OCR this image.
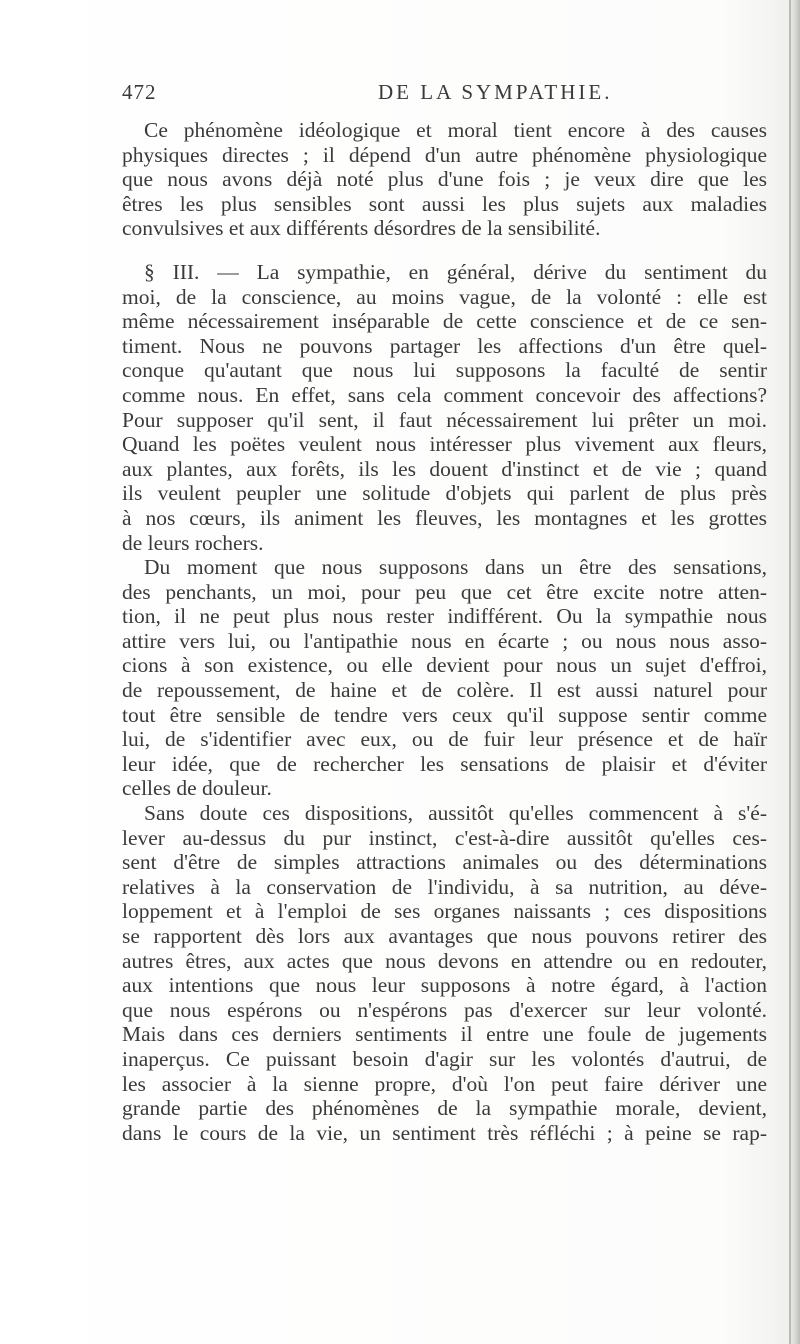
472	DE LA SYMPATHIE.
Ce phénomène idéologique et moral tient encore à des causes
physiques directes ; il dépend d'un autre phénomène physiologique
que nous avons déjà noté plus d'une fois ; je veux dire que les
êtres les plus sensibles sont aussi les plus sujets aux maladies
convulsives et aux différents désordres de la sensibilité.
§ III. — La sympathie, en général, dérive du sentiment du
moi, de la conscience, au moins vague, de la volonté : elle est
même nécessairement inséparable de cette conscience et de ce sen-
timent. Nous ne pouvons partager les affections d'un être quel-
conque qu'autant que nous lui supposons la faculté de sentir
comme nous. En effet, sans cela comment concevoir des affections?
Pour supposer qu'il sent, il faut nécessairement lui prêter un moi.
Quand les poëtes veulent nous intéresser plus vivement aux fleurs,
aux plantes, aux forêts, ils les douent d'instinct et de vie ; quand
ils veulent peupler une solitude d'objets qui parlent de plus près
à nos cœurs, ils animent les fleuves, les montagnes et les grottes
de leurs rochers.
Du moment que nous supposons dans un être des sensations,
des penchants, un moi, pour peu que cet être excite notre atten-
tion, il ne peut plus nous rester indifférent. Ou la sympathie nous
attire vers lui, ou l'antipathie nous en écarte ; ou nous nous asso-
cions à son existence, ou elle devient pour nous un sujet d'effroi,
de repoussement, de haine et de colère. Il est aussi naturel pour
tout être sensible de tendre vers ceux qu'il suppose sentir comme
lui, de s'identifier avec eux, ou de fuir leur présence et de haïr
leur idée, que de rechercher les sensations de plaisir et d'éviter
celles de douleur.
Sans doute ces dispositions, aussitôt qu'elles commencent à s'é-
lever au-dessus du pur instinct, c'est-à-dire aussitôt qu'elles ces-
sent d'être de simples attractions animales ou des déterminations
relatives à la conservation de l'individu, à sa nutrition, au déve-
loppement et à l'emploi de ses organes naissants ; ces dispositions
se rapportent dès lors aux avantages que nous pouvons retirer des
autres êtres, aux actes que nous devons en attendre ou en redouter,
aux intentions que nous leur supposons à notre égard, à l'action
que nous espérons ou n'espérons pas d'exercer sur leur volonté.
Mais dans ces derniers sentiments il entre une foule de jugements
inaperçus. Ce puissant besoin d'agir sur les volontés d'autrui, de
les associer à la sienne propre, d'où l'on peut faire dériver une
grande partie des phénomènes de la sympathie morale, devient,
dans le cours de la vie, un sentiment très réfléchi ; à peine se rap-
